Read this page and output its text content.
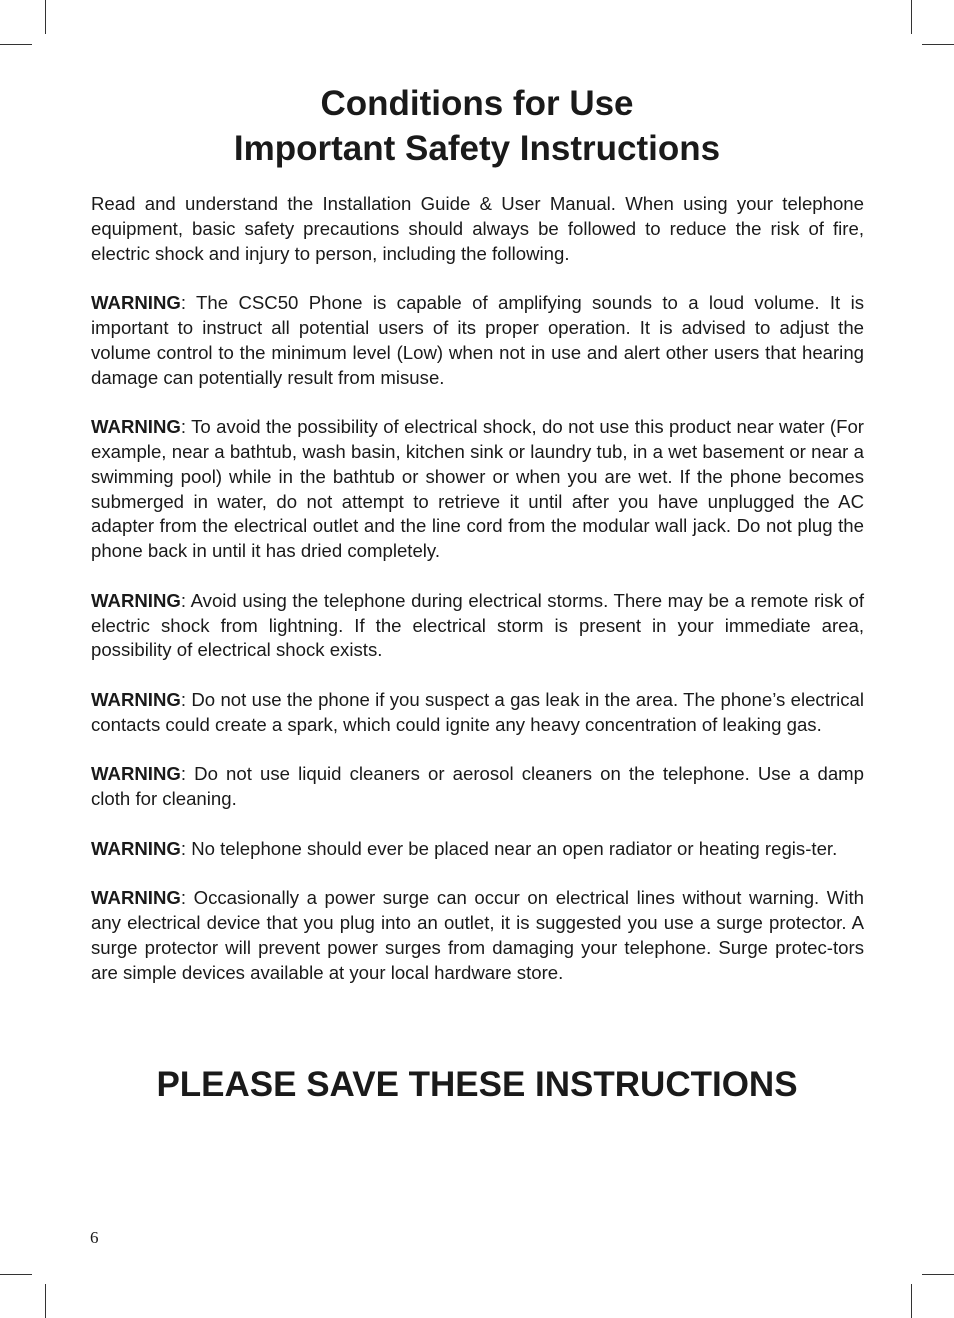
Conditions for Use
Important Safety Instructions

Read and understand the Installation Guide & User Manual. When using your telephone equipment, basic safety precautions should always be followed to reduce the risk of fire, electric shock and injury to person, including the following.

WARNING: The CSC50 Phone is capable of amplifying sounds to a loud volume. It is important to instruct all potential users of its proper operation. It is advised to adjust the volume control to the minimum level (Low) when not in use and alert other users that hearing damage can potentially result from misuse.

WARNING: To avoid the possibility of electrical shock, do not use this product near water (For example, near a bathtub, wash basin, kitchen sink or laundry tub, in a wet basement or near a swimming pool) while in the bathtub or shower or when you are wet. If the phone becomes submerged in water, do not attempt to retrieve it until after you have unplugged the AC adapter from the electrical outlet and the line cord from the modular wall jack. Do not plug the phone back in until it has dried completely.

WARNING: Avoid using the telephone during electrical storms. There may be a remote risk of electric shock from lightning. If the electrical storm is present in your immediate area, possibility of electrical shock exists.

WARNING: Do not use the phone if you suspect a gas leak in the area. The phone’s electrical contacts could create a spark, which could ignite any heavy concentration of leaking gas.

WARNING: Do not use liquid cleaners or aerosol cleaners on the telephone. Use a damp cloth for cleaning.

WARNING: No telephone should ever be placed near an open radiator or heating regis-ter.

WARNING: Occasionally a power surge can occur on electrical lines without warning. With any electrical device that you plug into an outlet, it is suggested you use a surge protector. A surge protector will prevent power surges from damaging your telephone. Surge protec-tors are simple devices available at your local hardware store.

PLEASE SAVE THESE INSTRUCTIONS
6
